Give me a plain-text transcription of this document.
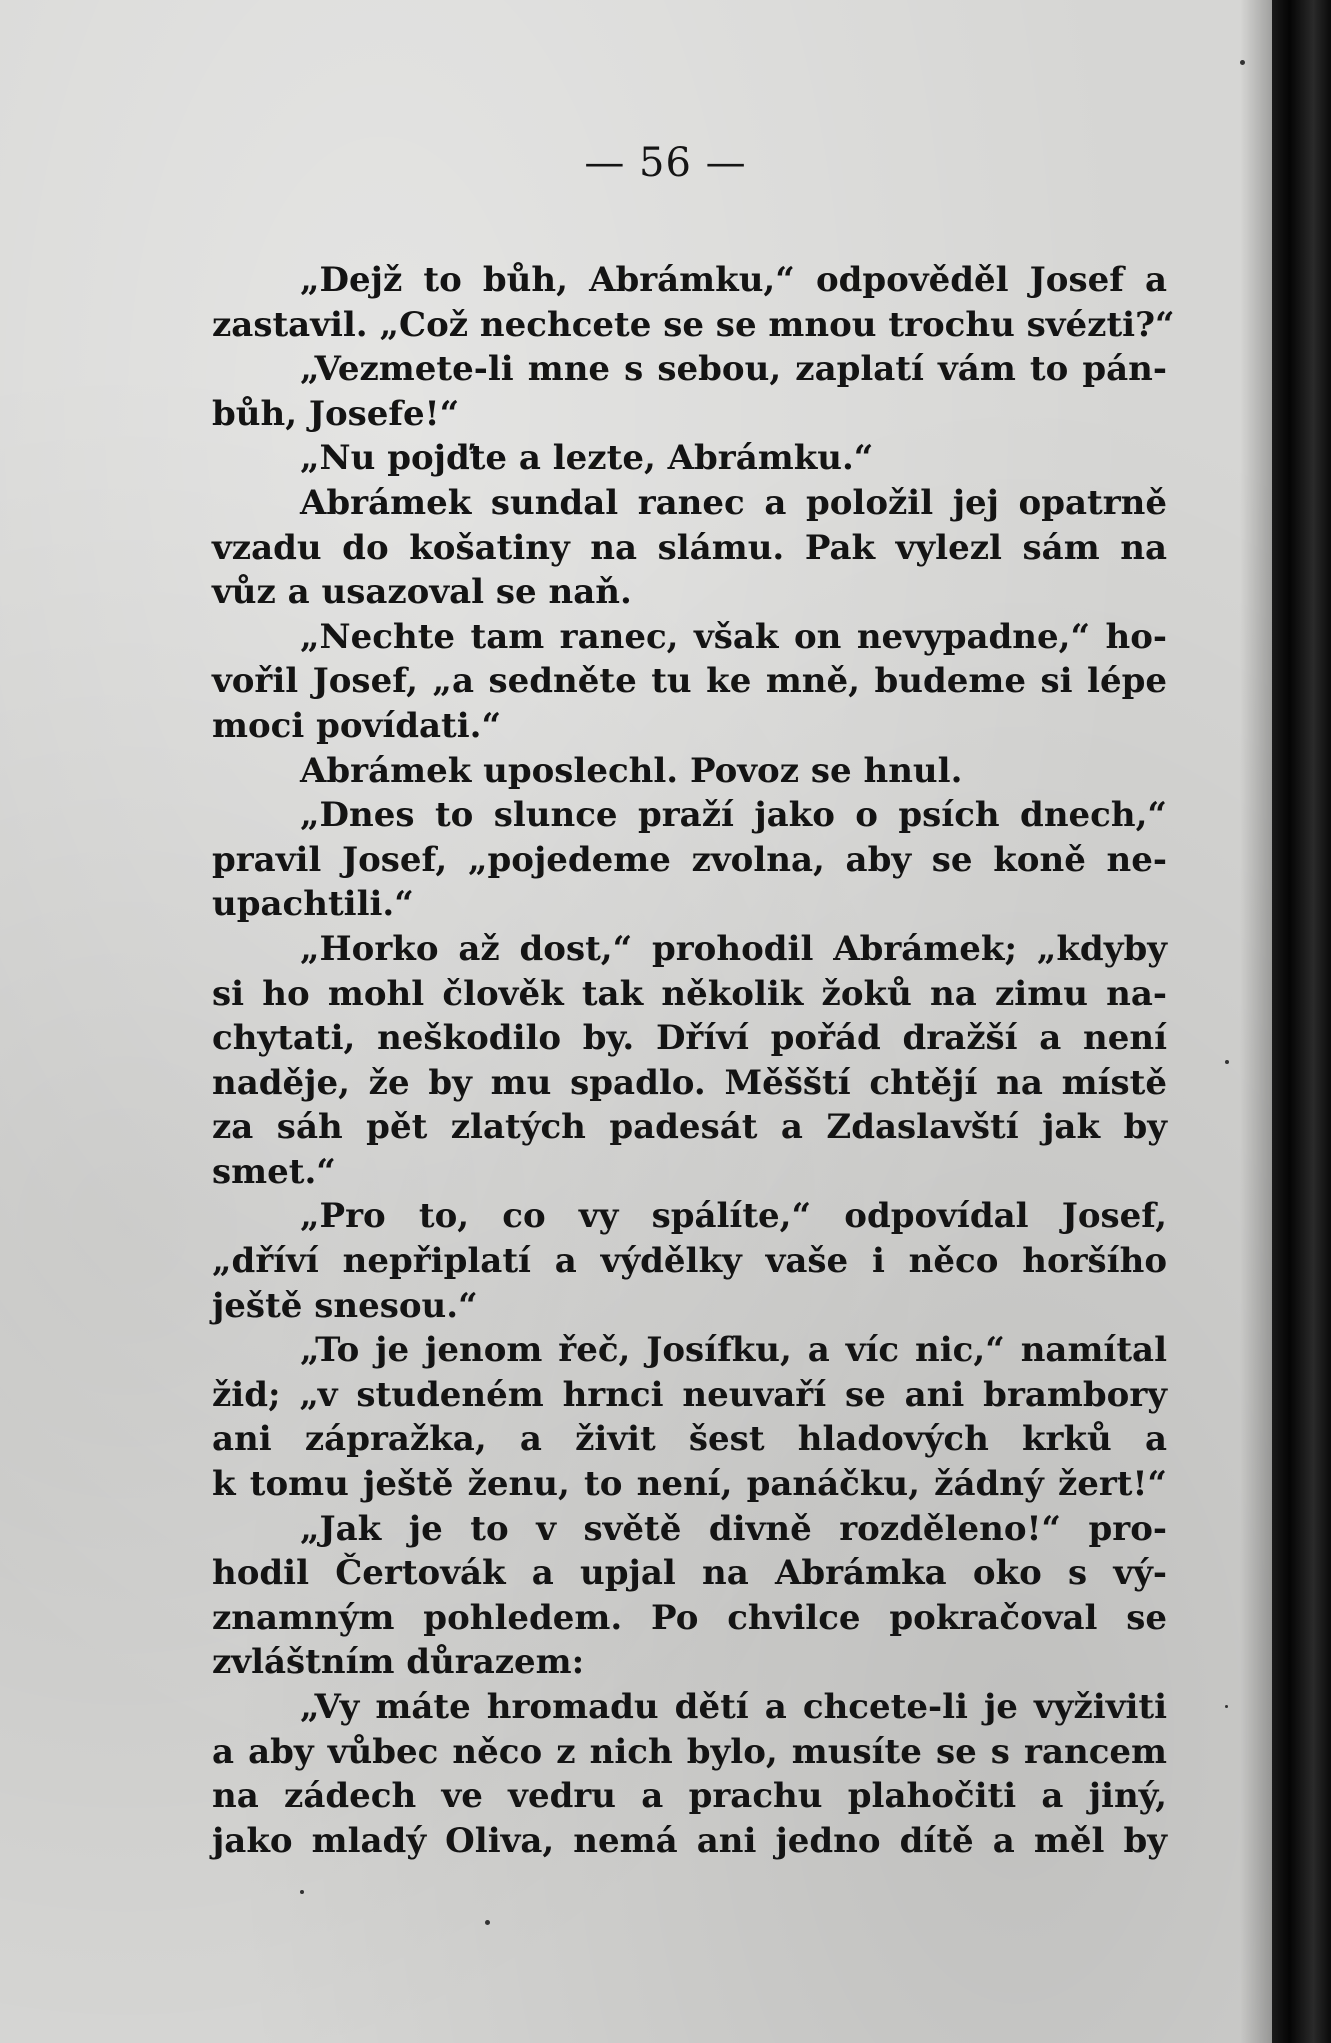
— 56 —
„Dejž to bůh, Abrámku,“ odpověděl Josef a
zastavil. „Což nechcete se se mnou trochu svézti?“
„Vezmete-li mne s sebou, zaplatí vám to pán-
bůh, Josefe!“
„Nu pojďte a lezte, Abrámku.“
Abrámek sundal ranec a položil jej opatrně
vzadu do košatiny na slámu. Pak vylezl sám na
vůz a usazoval se naň.
„Nechte tam ranec, však on nevypadne,“ ho-
vořil Josef, „a sedněte tu ke mně, budeme si lépe
moci povídati.“
Abrámek uposlechl. Povoz se hnul.
„Dnes to slunce praží jako o psích dnech,“
pravil Josef, „pojedeme zvolna, aby se koně ne-
upachtili.“
„Horko až dost,“ prohodil Abrámek; „kdyby
si ho mohl člověk tak několik žoků na zimu na-
chytati, neškodilo by. Dříví pořád dražší a není
naděje, že by mu spadlo. Měšští chtějí na místě
za sáh pět zlatých padesát a Zdaslavští jak by
smet.“
„Pro to, co vy spálíte,“ odpovídal Josef,
„dříví nepřiplatí a výdělky vaše i něco horšího
ještě snesou.“
„To je jenom řeč, Josífku, a víc nic,“ namítal
žid; „v studeném hrnci neuvaří se ani brambory
ani zápražka, a živit šest hladových krků a
k tomu ještě ženu, to není, panáčku, žádný žert!“
„Jak je to v světě divně rozděleno!“ pro-
hodil Čertovák a upjal na Abrámka oko s vý-
znamným pohledem. Po chvilce pokračoval se
zvláštním důrazem:
„Vy máte hromadu dětí a chcete-li je vyživiti
a aby vůbec něco z nich bylo, musíte se s rancem
na zádech ve vedru a prachu plahočiti a jiný,
jako mladý Oliva, nemá ani jedno dítě a měl by
